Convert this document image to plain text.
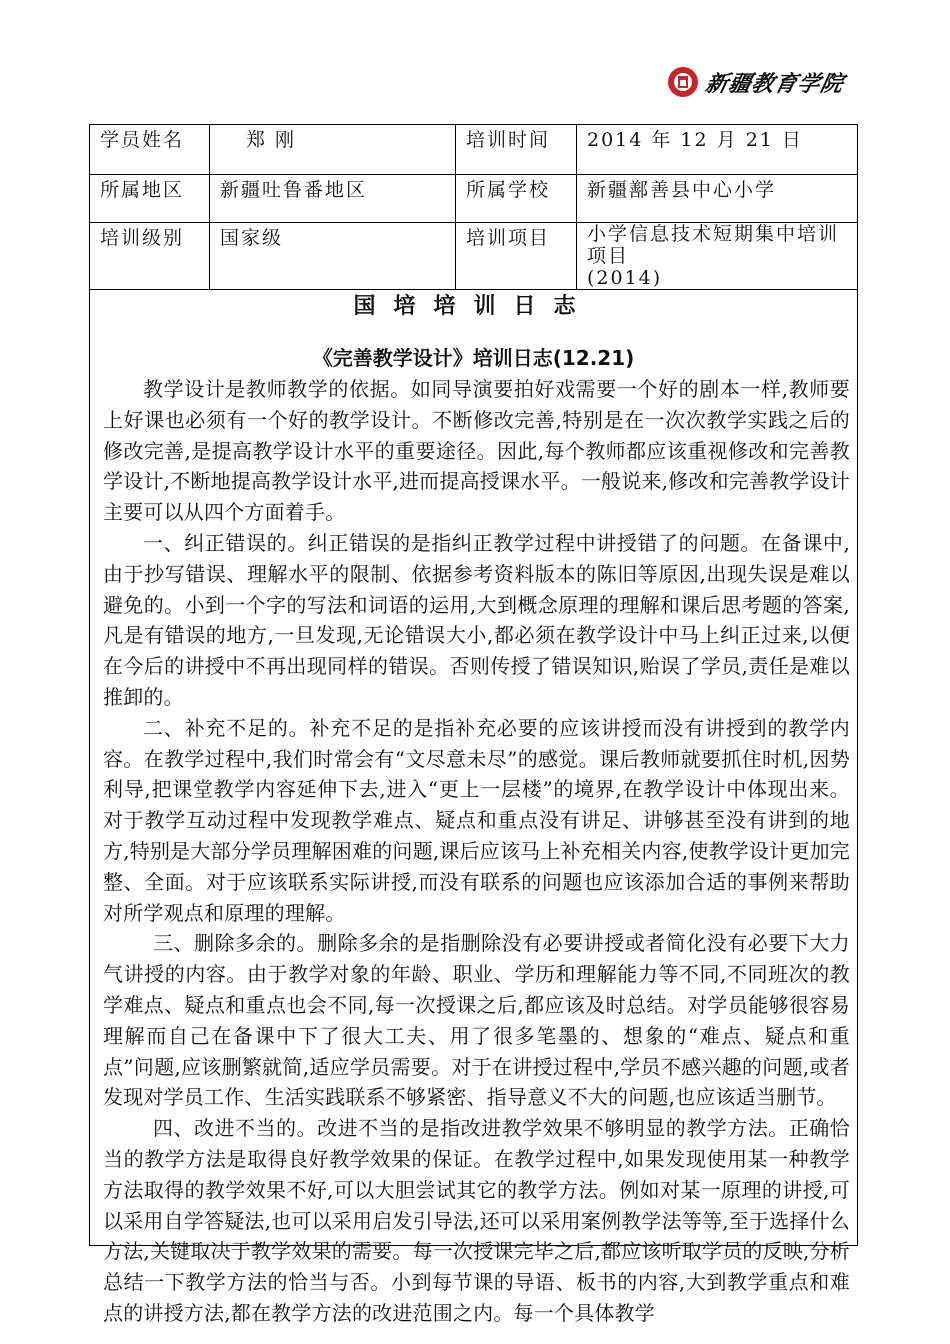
新疆教育学院
学员姓名	郑 刚	培训时间	2014 年 12 月 21 日
所属地区	新疆吐鲁番地区	所属学校	新疆鄯善县中心小学
培训级别	国家级	培训项目	小学信息技术短期集中培训项目
(2014)
国培培训日志
《完善教学设计》培训日志(12.21)

教学设计是教师教学的依据。如同导演要拍好戏需要一个好的剧本一样,教师要上好课也必须有一个好的教学设计。不断修改完善,特别是在一次次教学实践之后的修改完善,是提高教学设计水平的重要途径。因此,每个教师都应该重视修改和完善教学设计,不断地提高教学设计水平,进而提高授课水平。一般说来,修改和完善教学设计主要可以从四个方面着手。

一、纠正错误的。纠正错误的是指纠正教学过程中讲授错了的问题。在备课中,由于抄写错误、理解水平的限制、依据参考资料版本的陈旧等原因,出现失误是难以避免的。小到一个字的写法和词语的运用,大到概念原理的理解和课后思考题的答案,凡是有错误的地方,一旦发现,无论错误大小,都必须在教学设计中马上纠正过来,以便在今后的讲授中不再出现同样的错误。否则传授了错误知识,贻误了学员,责任是难以推卸的。

二、补充不足的。补充不足的是指补充必要的应该讲授而没有讲授到的教学内容。在教学过程中,我们时常会有“文尽意未尽”的感觉。课后教师就要抓住时机,因势利导,把课堂教学内容延伸下去,进入“更上一层楼”的境界,在教学设计中体现出来。对于教学互动过程中发现教学难点、疑点和重点没有讲足、讲够甚至没有讲到的地方,特别是大部分学员理解困难的问题,课后应该马上补充相关内容,使教学设计更加完整、全面。对于应该联系实际讲授,而没有联系的问题也应该添加合适的事例来帮助对所学观点和原理的理解。

三、删除多余的。删除多余的是指删除没有必要讲授或者简化没有必要下大力气讲授的内容。由于教学对象的年龄、职业、学历和理解能力等不同,不同班次的教学难点、疑点和重点也会不同,每一次授课之后,都应该及时总结。对学员能够很容易理解而自己在备课中下了很大工夫、用了很多笔墨的、想象的“难点、疑点和重点”问题,应该删繁就简,适应学员需要。对于在讲授过程中,学员不感兴趣的问题,或者发现对学员工作、生活实践联系不够紧密、指导意义不大的问题,也应该适当删节。

四、改进不当的。改进不当的是指改进教学效果不够明显的教学方法。正确恰当的教学方法是取得良好教学效果的保证。在教学过程中,如果发现使用某一种教学方法取得的教学效果不好,可以大胆尝试其它的教学方法。例如对某一原理的讲授,可以采用自学答疑法,也可以采用启发引导法,还可以采用案例教学法等等,至于选择什么方法,关键取决于教学效果的需要。每一次授课完毕之后,都应该听取学员的反映,分析总结一下教学方法的恰当与否。小到每节课的导语、板书的内容,大到教学重点和难点的讲授方法,都在教学方法的改进范围之内。每一个具体教学
